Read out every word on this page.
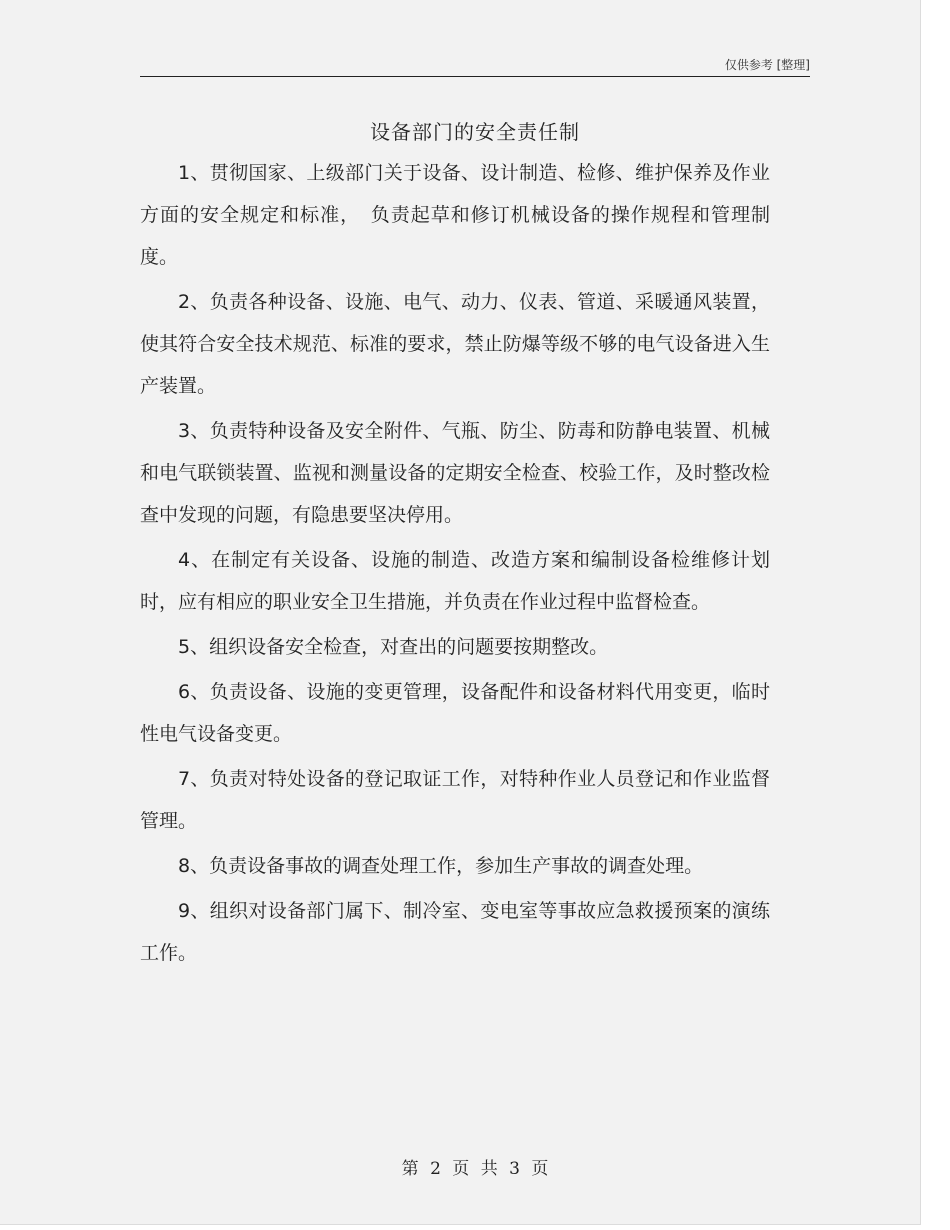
仅供参考 [整理]
设备部门的安全责任制

1、贯彻国家、上级部门关于设备、设计制造、检修、维护保养及作业方面的安全规定和标准，　负责起草和修订机械设备的操作规程和管理制度。

2、负责各种设备、设施、电气、动力、仪表、管道、采暖通风装置，使其符合安全技术规范、标准的要求，禁止防爆等级不够的电气设备进入生产装置。

3、负责特种设备及安全附件、气瓶、防尘、防毒和防静电装置、机械和电气联锁装置、监视和测量设备的定期安全检查、校验工作，及时整改检查中发现的问题，有隐患要坚决停用。

4、在制定有关设备、设施的制造、改造方案和编制设备检维修计划时，应有相应的职业安全卫生措施，并负责在作业过程中监督检查。

5、组织设备安全检查，对查出的问题要按期整改。

6、负责设备、设施的变更管理，设备配件和设备材料代用变更，临时性电气设备变更。

7、负责对特处设备的登记取证工作，对特种作业人员登记和作业监督管理。

8、负责设备事故的调查处理工作，参加生产事故的调查处理。

9、组织对设备部门属下、制冷室、变电室等事故应急救援预案的演练工作。

第 2 页 共 3 页
